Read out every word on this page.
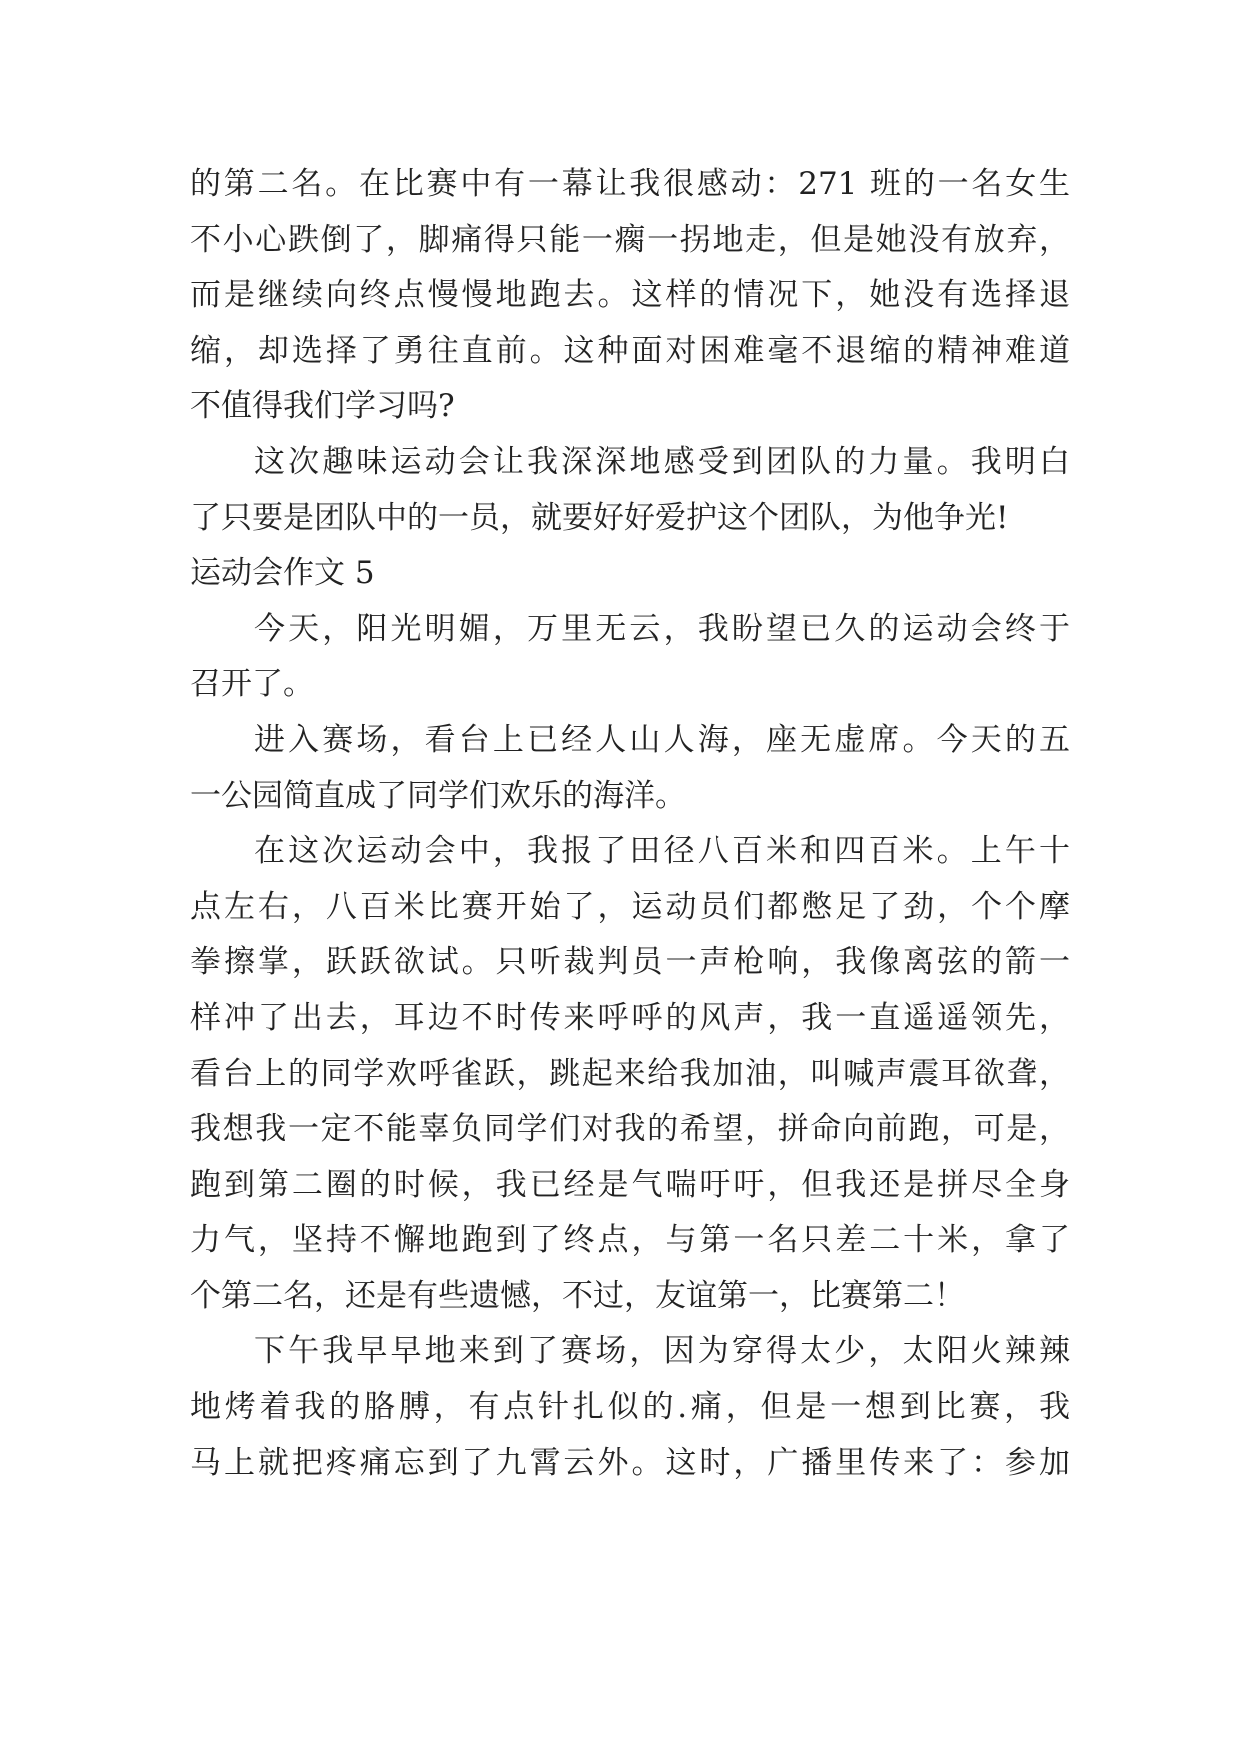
的第二名。在比赛中有一幕让我很感动：271 班的一名女生
不小心跌倒了，脚痛得只能一瘸一拐地走，但是她没有放弃，
而是继续向终点慢慢地跑去。这样的情况下，她没有选择退
缩，却选择了勇往直前。这种面对困难毫不退缩的精神难道
不值得我们学习吗?
这次趣味运动会让我深深地感受到团队的力量。我明白
了只要是团队中的一员，就要好好爱护这个团队，为他争光!
运动会作文 5
今天，阳光明媚，万里无云，我盼望已久的运动会终于
召开了。
进入赛场，看台上已经人山人海，座无虚席。今天的五
一公园简直成了同学们欢乐的海洋。
在这次运动会中，我报了田径八百米和四百米。上午十
点左右，八百米比赛开始了，运动员们都憋足了劲，个个摩
拳擦掌，跃跃欲试。只听裁判员一声枪响，我像离弦的箭一
样冲了出去，耳边不时传来呼呼的风声，我一直遥遥领先，
看台上的同学欢呼雀跃，跳起来给我加油，叫喊声震耳欲聋，
我想我一定不能辜负同学们对我的希望，拼命向前跑，可是，
跑到第二圈的时候，我已经是气喘吁吁，但我还是拼尽全身
力气，坚持不懈地跑到了终点，与第一名只差二十米，拿了
个第二名，还是有些遗憾，不过，友谊第一，比赛第二！
下午我早早地来到了赛场，因为穿得太少，太阳火辣辣
地烤着我的胳膊，有点针扎似的.痛，但是一想到比赛，我
马上就把疼痛忘到了九霄云外。这时，广播里传来了：参加
